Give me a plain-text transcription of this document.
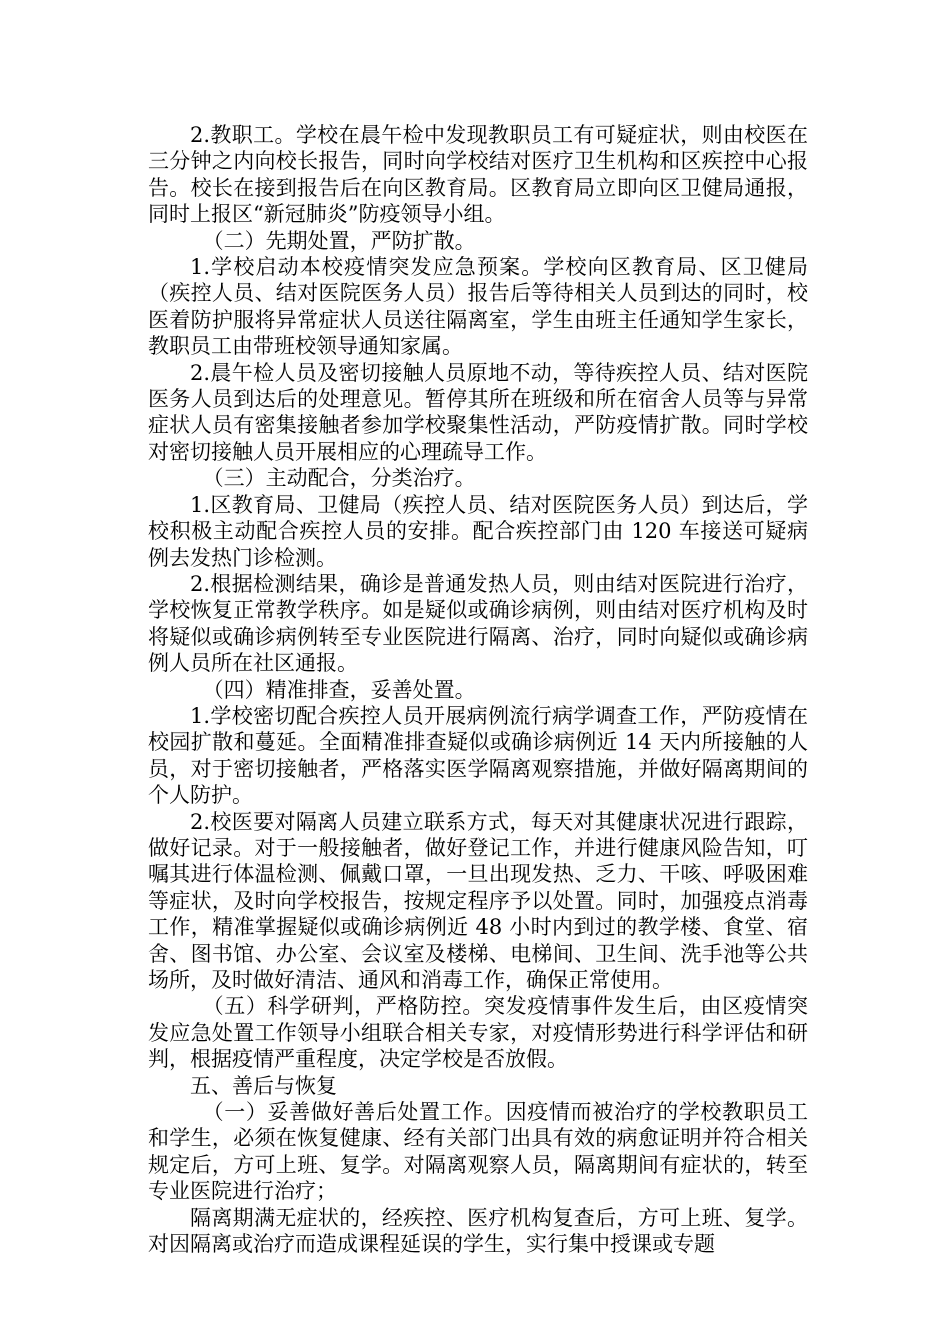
2.教职工。学校在晨午检中发现教职员工有可疑症状，则由校医在三分钟之内向校长报告，同时向学校结对医疗卫生机构和区疾控中心报告。校长在接到报告后在向区教育局。区教育局立即向区卫健局通报，同时上报区“新冠肺炎”防疫领导小组。

（二）先期处置，严防扩散。

1.学校启动本校疫情突发应急预案。学校向区教育局、区卫健局（疾控人员、结对医院医务人员）报告后等待相关人员到达的同时，校医着防护服将异常症状人员送往隔离室，学生由班主任通知学生家长，教职员工由带班校领导通知家属。

2.晨午检人员及密切接触人员原地不动，等待疾控人员、结对医院医务人员到达后的处理意见。暂停其所在班级和所在宿舍人员等与异常症状人员有密集接触者参加学校聚集性活动，严防疫情扩散。同时学校对密切接触人员开展相应的心理疏导工作。

（三）主动配合，分类治疗。

1.区教育局、卫健局（疾控人员、结对医院医务人员）到达后，学校积极主动配合疾控人员的安排。配合疾控部门由 120 车接送可疑病例去发热门诊检测。

2.根据检测结果，确诊是普通发热人员，则由结对医院进行治疗，学校恢复正常教学秩序。如是疑似或确诊病例，则由结对医疗机构及时将疑似或确诊病例转至专业医院进行隔离、治疗，同时向疑似或确诊病例人员所在社区通报。

（四）精准排查，妥善处置。

1.学校密切配合疾控人员开展病例流行病学调查工作，严防疫情在校园扩散和蔓延。全面精准排查疑似或确诊病例近 14 天内所接触的人员，对于密切接触者，严格落实医学隔离观察措施，并做好隔离期间的个人防护。

2.校医要对隔离人员建立联系方式，每天对其健康状况进行跟踪，做好记录。对于一般接触者，做好登记工作，并进行健康风险告知，叮嘱其进行体温检测、佩戴口罩，一旦出现发热、乏力、干咳、呼吸困难等症状，及时向学校报告，按规定程序予以处置。同时，加强疫点消毒工作，精准掌握疑似或确诊病例近 48 小时内到过的教学楼、食堂、宿舍、图书馆、办公室、会议室及楼梯、电梯间、卫生间、洗手池等公共场所，及时做好清洁、通风和消毒工作，确保正常使用。

（五）科学研判，严格防控。突发疫情事件发生后，由区疫情突发应急处置工作领导小组联合相关专家，对疫情形势进行科学评估和研判，根据疫情严重程度，决定学校是否放假。

五、善后与恢复

（一）妥善做好善后处置工作。因疫情而被治疗的学校教职员工和学生，必须在恢复健康、经有关部门出具有效的病愈证明并符合相关规定后，方可上班、复学。对隔离观察人员，隔离期间有症状的，转至专业医院进行治疗；

隔离期满无症状的，经疾控、医疗机构复查后，方可上班、复学。对因隔离或治疗而造成课程延误的学生，实行集中授课或专题
